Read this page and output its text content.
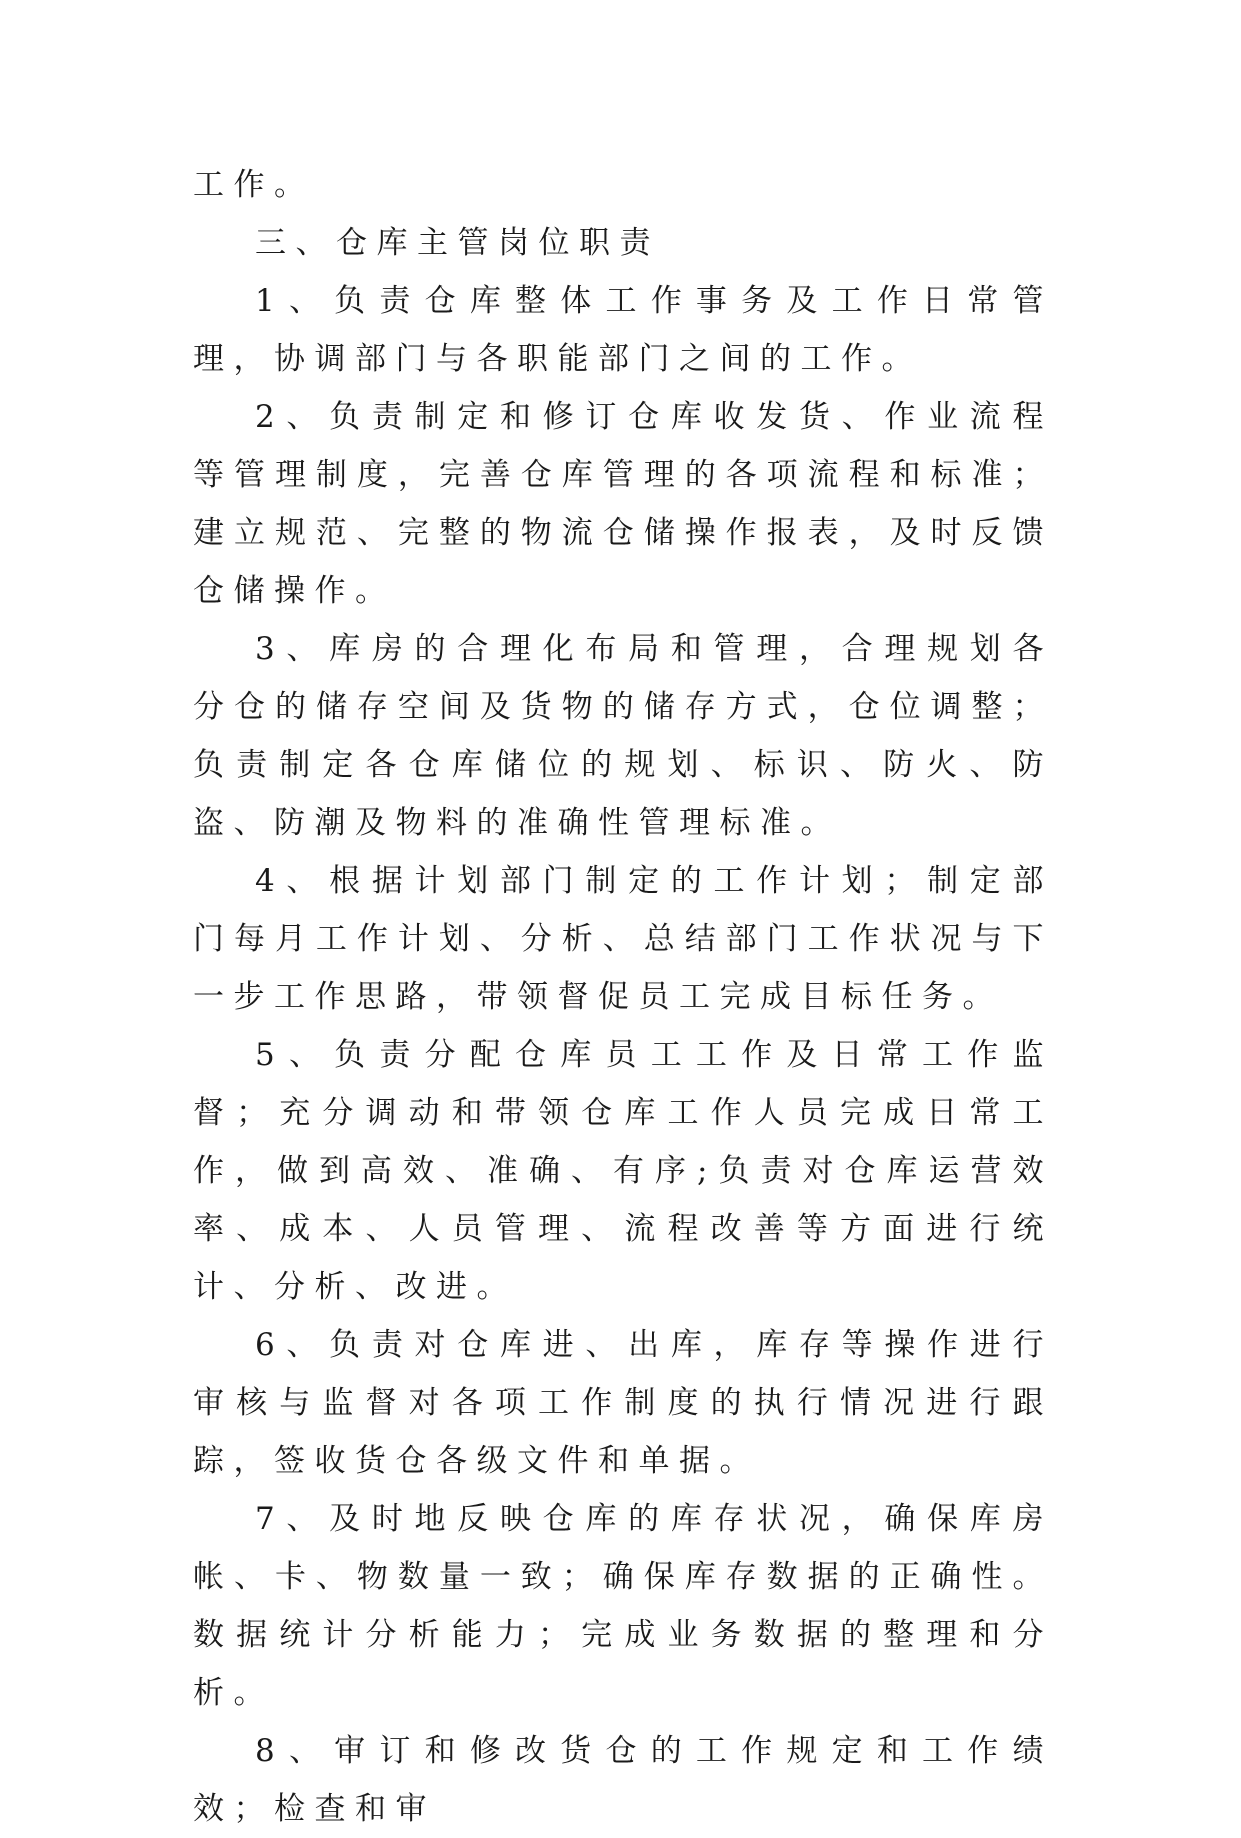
工作。

三、仓库主管岗位职责

1、负责仓库整体工作事务及工作日常管理，协调部门与各职能部门之间的工作。

2、负责制定和修订仓库收发货、作业流程等管理制度，完善仓库管理的各项流程和标准；建立规范、完整的物流仓储操作报表，及时反馈仓储操作。

3、库房的合理化布局和管理，合理规划各分仓的储存空间及货物的储存方式，仓位调整；负责制定各仓库储位的规划、标识、防火、防盗、防潮及物料的准确性管理标准。

4、根据计划部门制定的工作计划；制定部门每月工作计划、分析、总结部门工作状况与下一步工作思路，带领督促员工完成目标任务。

5、负责分配仓库员工工作及日常工作监督；充分调动和带领仓库工作人员完成日常工作，做到高效、准确、有序;负责对仓库运营效率、成本、人员管理、流程改善等方面进行统计、分析、改进。

6、负责对仓库进、出库，库存等操作进行审核与监督对各项工作制度的执行情况进行跟踪，签收货仓各级文件和单据。

7、及时地反映仓库的库存状况，确保库房帐、卡、物数量一致；确保库存数据的正确性。数据统计分析能力；完成业务数据的整理和分析。

8、审订和修改货仓的工作规定和工作绩效；检查和审
